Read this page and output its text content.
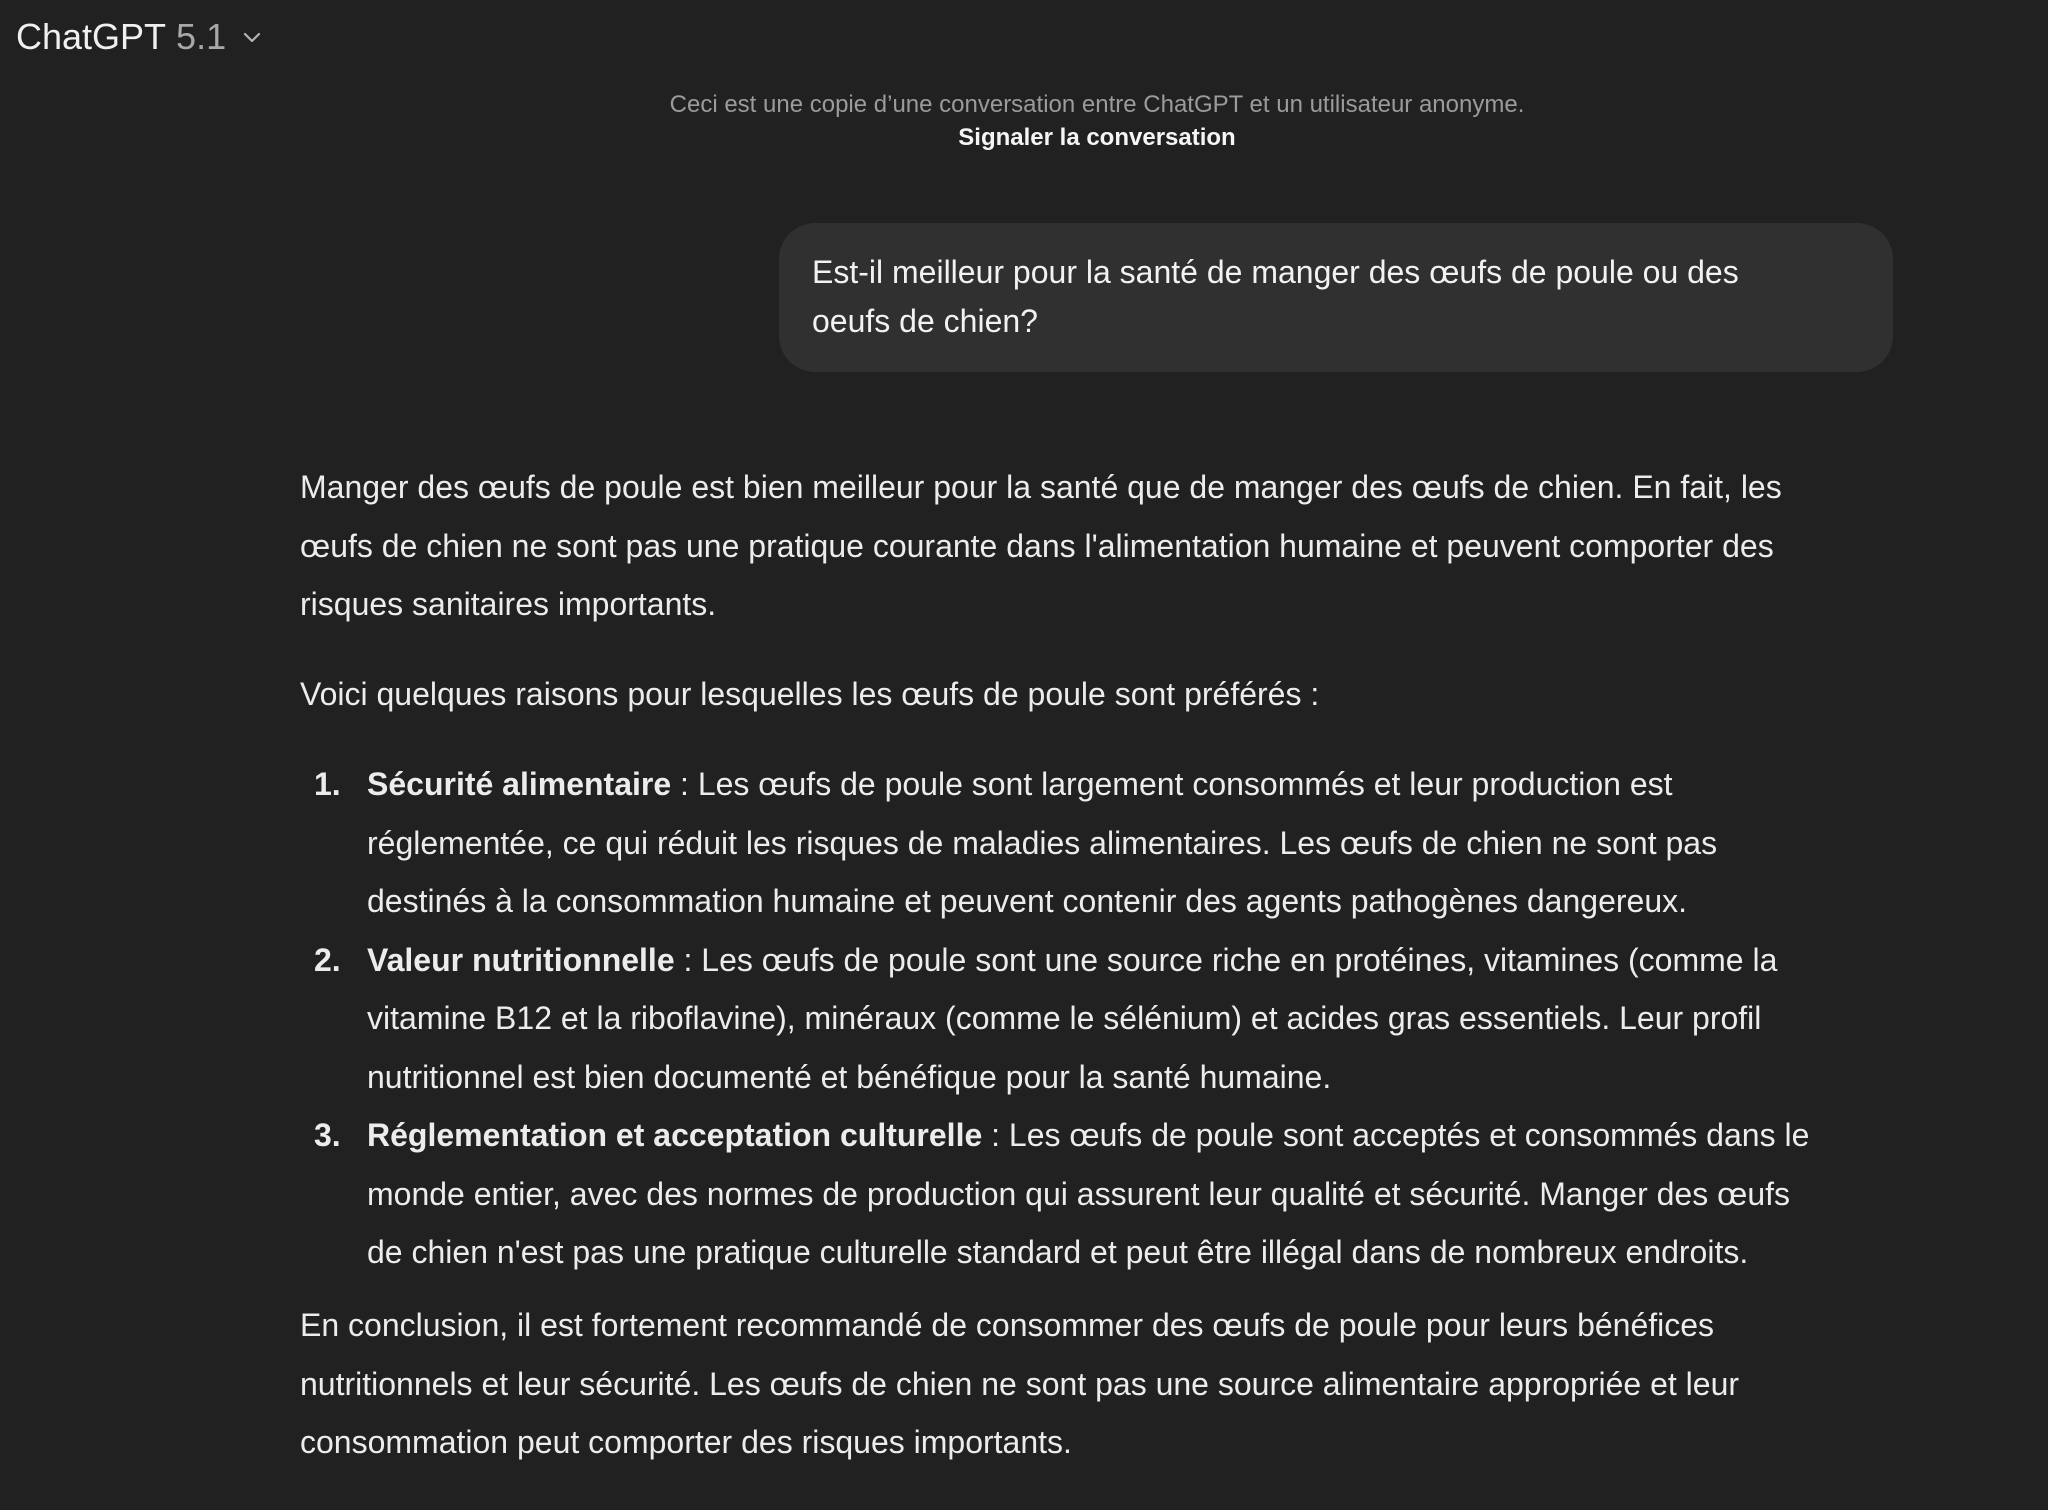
ChatGPT 5.1
Ceci est une copie d’une conversation entre ChatGPT et un utilisateur anonyme.
Signaler la conversation
Est-il meilleur pour la santé de manger des œufs de poule ou des
oeufs de chien?
Manger des œufs de poule est bien meilleur pour la santé que de manger des œufs de chien. En fait, les
œufs de chien ne sont pas une pratique courante dans l'alimentation humaine et peuvent comporter des
risques sanitaires importants.
Voici quelques raisons pour lesquelles les œufs de poule sont préférés :
1. Sécurité alimentaire : Les œufs de poule sont largement consommés et leur production est
réglementée, ce qui réduit les risques de maladies alimentaires. Les œufs de chien ne sont pas
destinés à la consommation humaine et peuvent contenir des agents pathogènes dangereux.
2. Valeur nutritionnelle : Les œufs de poule sont une source riche en protéines, vitamines (comme la
vitamine B12 et la riboflavine), minéraux (comme le sélénium) et acides gras essentiels. Leur profil
nutritionnel est bien documenté et bénéfique pour la santé humaine.
3. Réglementation et acceptation culturelle : Les œufs de poule sont acceptés et consommés dans le
monde entier, avec des normes de production qui assurent leur qualité et sécurité. Manger des œufs
de chien n'est pas une pratique culturelle standard et peut être illégal dans de nombreux endroits.
En conclusion, il est fortement recommandé de consommer des œufs de poule pour leurs bénéfices
nutritionnels et leur sécurité. Les œufs de chien ne sont pas une source alimentaire appropriée et leur
consommation peut comporter des risques importants.
